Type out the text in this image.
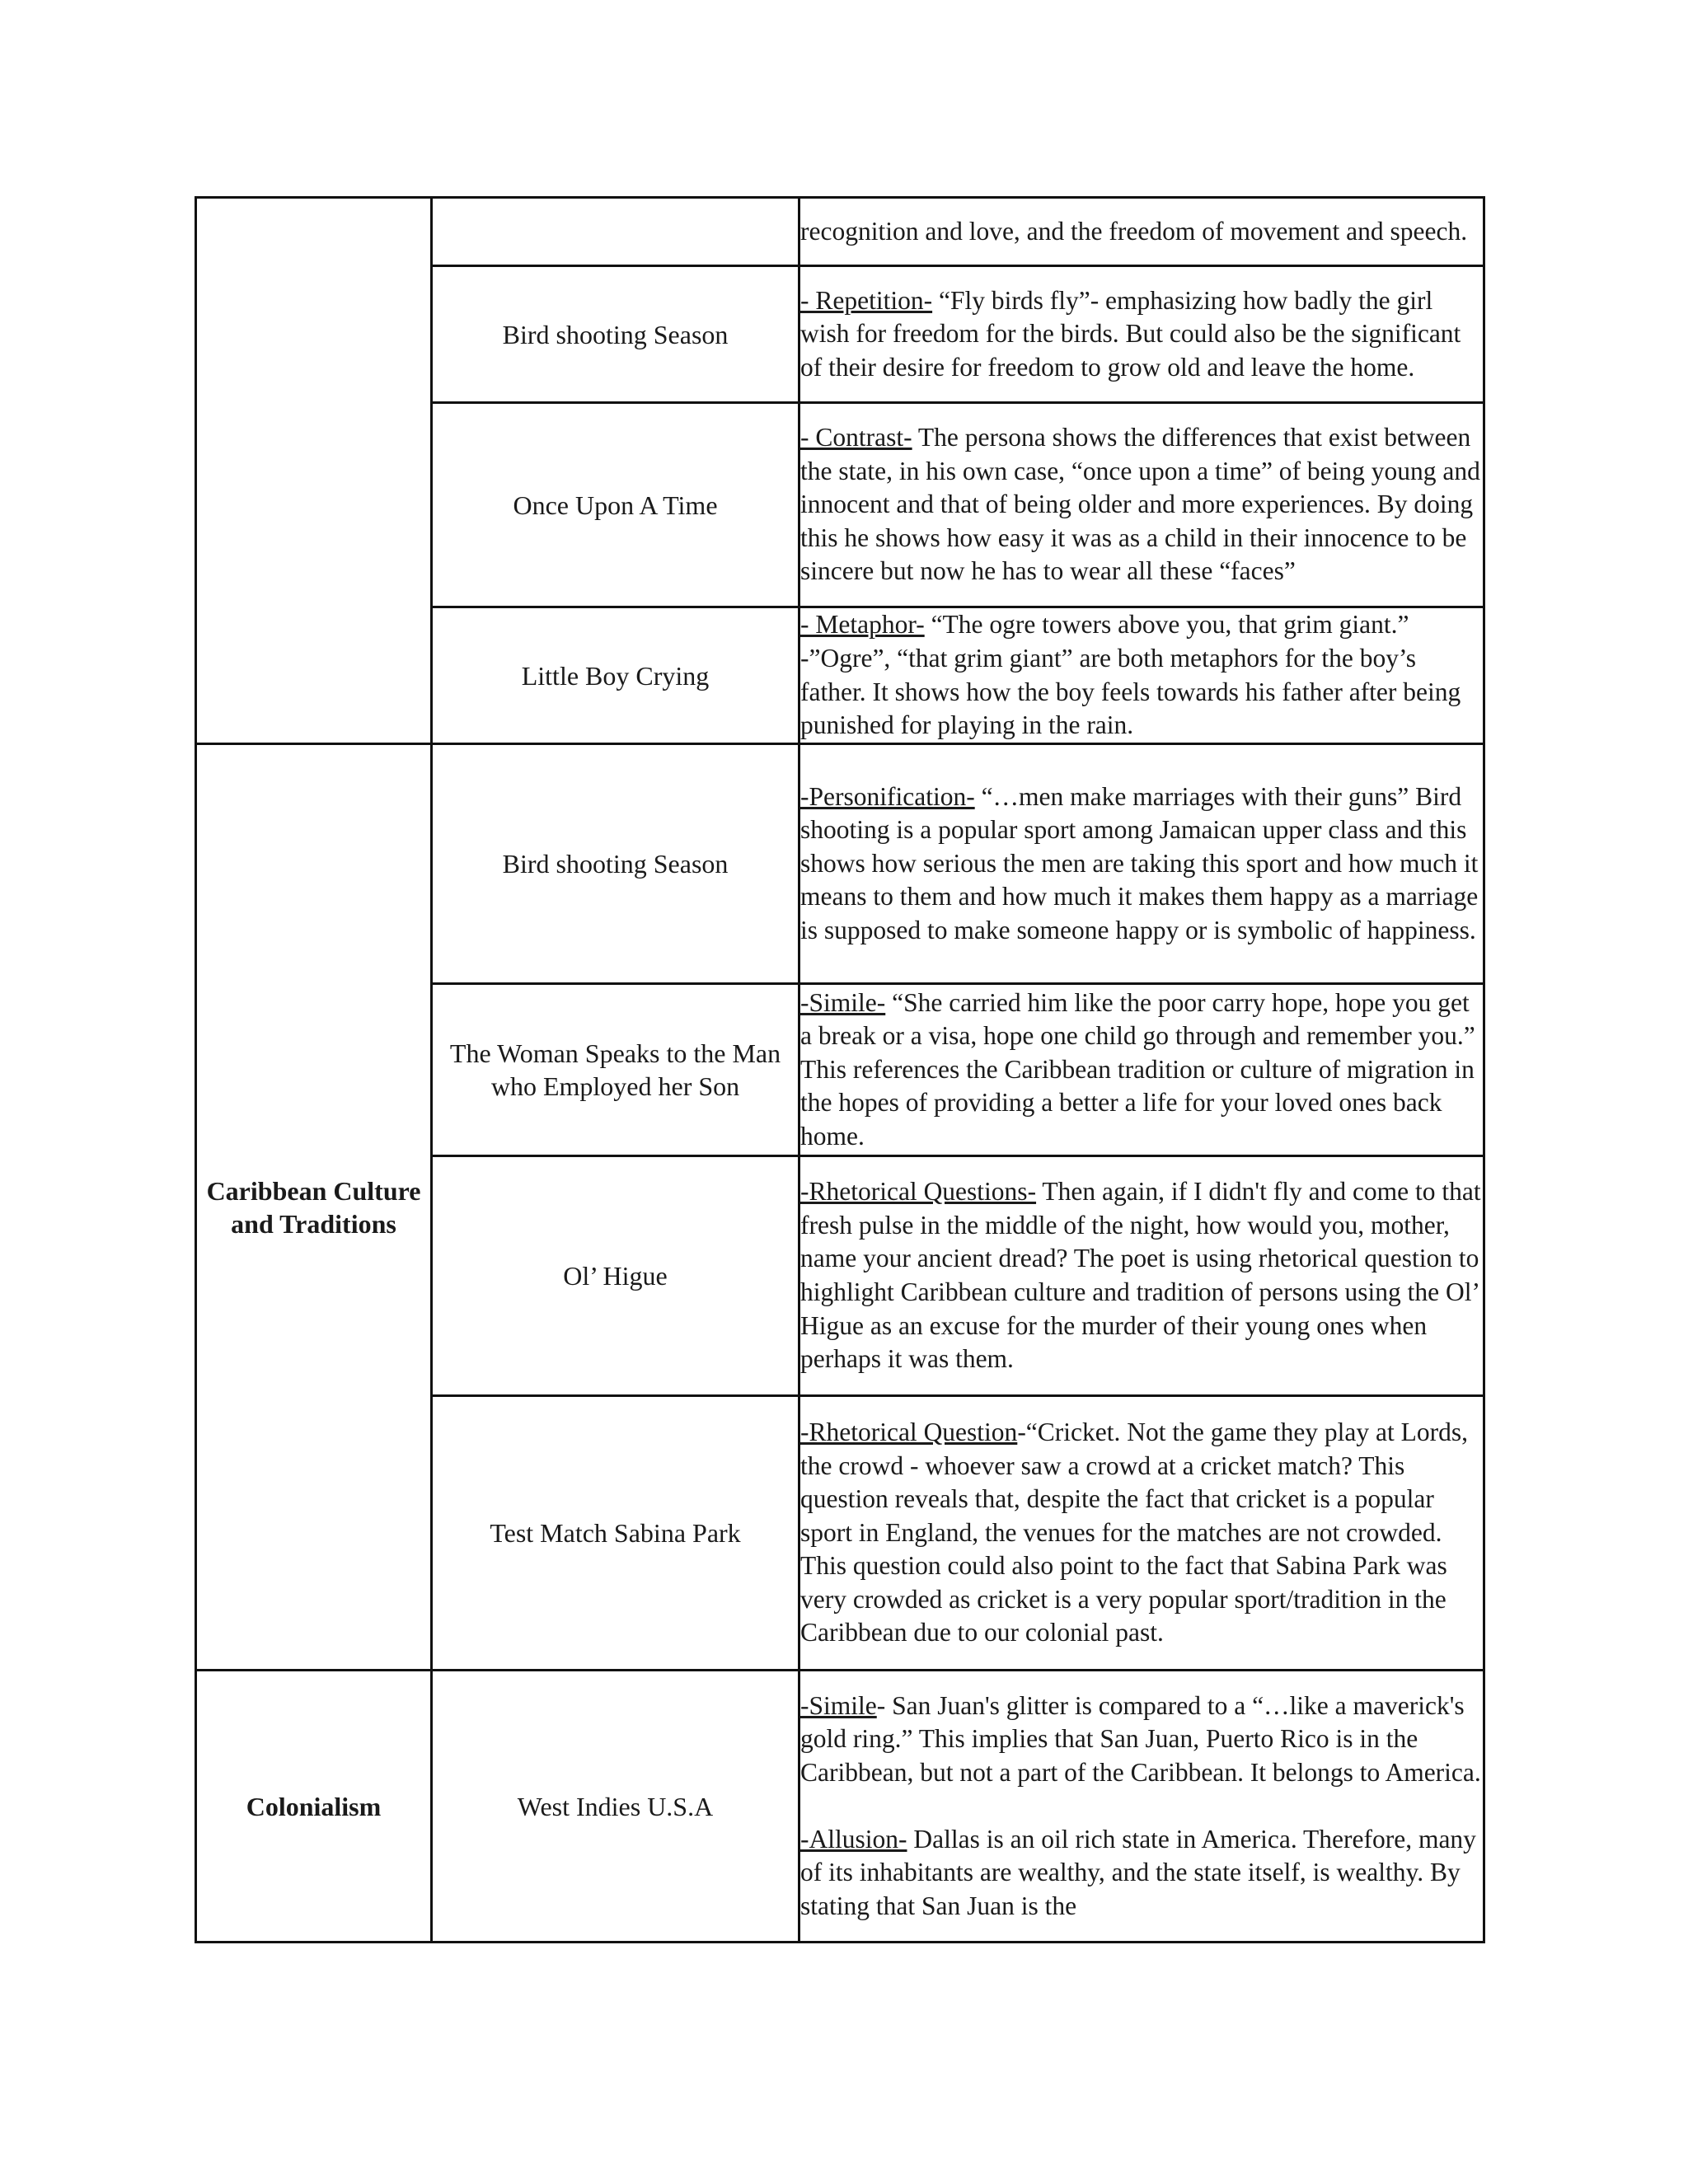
		recognition and love, and the freedom of movement and speech.

	Bird shooting Season	- Repetition- “Fly birds fly”- emphasizing how badly the girl wish for freedom for the birds. But could also be the significant of their desire for freedom to grow old and leave the home.

	Once Upon A Time	- Contrast- The persona shows the differences that exist between the state, in his own case, “once upon a time” of being young and innocent and that of being older and more experiences. By doing this he shows how easy it was as a child in their innocence to be sincere but now he has to wear all these “faces”

	Little Boy Crying	- Metaphor- “The ogre towers above you, that grim giant.” -”Ogre”, “that grim giant” are both metaphors for the boy’s father. It shows how the boy feels towards his father after being punished for playing in the rain.

Caribbean Culture and Traditions	Bird shooting Season	-Personification- “…men make marriages with their guns” Bird shooting is a popular sport among Jamaican upper class and this shows how serious the men are taking this sport and how much it means to them and how much it makes them happy as a marriage is supposed to make someone happy or is symbolic of happiness.

	The Woman Speaks to the Man who Employed her Son	-Simile- “She carried him like the poor carry hope, hope you get a break or a visa, hope one child go through and remember you.” This references the Caribbean tradition or culture of migration in the hopes of providing a better a life for your loved ones back home.

	Ol’ Higue	-Rhetorical Questions- Then again, if I didn't fly and come to that fresh pulse in the middle of the night, how would you, mother, name your ancient dread? The poet is using rhetorical question to highlight Caribbean culture and tradition of persons using the Ol’ Higue as an excuse for the murder of their young ones when perhaps it was them.

	Test Match Sabina Park	-Rhetorical Question-“Cricket. Not the game they play at Lords, the crowd - whoever saw a crowd at a cricket match? This question reveals that, despite the fact that cricket is a popular sport in England, the venues for the matches are not crowded. This question could also point to the fact that Sabina Park was very crowded as cricket is a very popular sport/tradition in the Caribbean due to our colonial past.

Colonialism	West Indies U.S.A	-Simile- San Juan's glitter is compared to a “…like a maverick's gold ring.” This implies that San Juan, Puerto Rico is in the Caribbean, but not a part of the Caribbean. It belongs to America.
-Allusion- Dallas is an oil rich state in America. Therefore, many of its inhabitants are wealthy, and the state itself, is wealthy. By stating that San Juan is the
